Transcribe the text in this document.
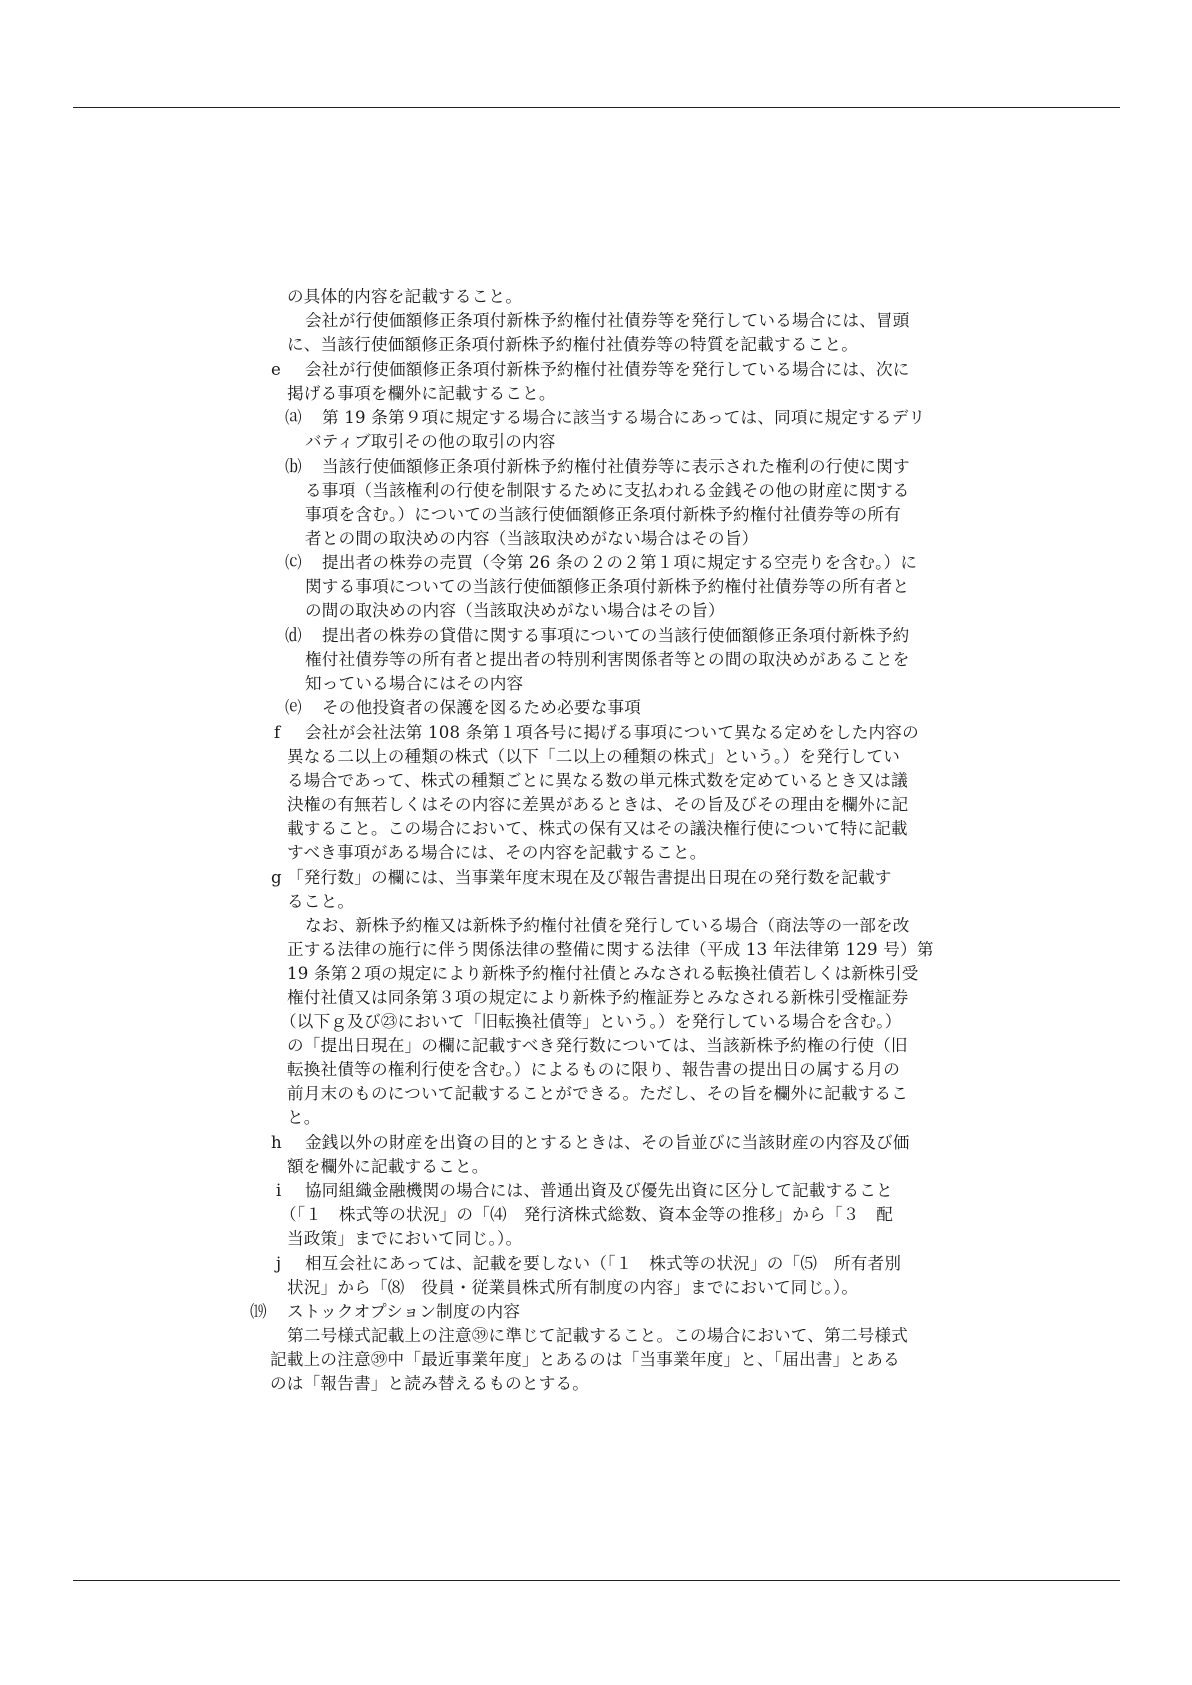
の具体的内容を記載すること。
会社が行使価額修正条項付新株予約権付社債券等を発行している場合には、冒頭
に、当該行使価額修正条項付新株予約権付社債券等の特質を記載すること。
e 会社が行使価額修正条項付新株予約権付社債券等を発行している場合には、次に
掲げる事項を欄外に記載すること。
⒜ 第 19 条第９項に規定する場合に該当する場合にあっては、同項に規定するデリ
バティブ取引その他の取引の内容
⒝ 当該行使価額修正条項付新株予約権付社債券等に表示された権利の行使に関す
る事項（当該権利の行使を制限するために支払われる金銭その他の財産に関する
事項を含む。）についての当該行使価額修正条項付新株予約権付社債券等の所有
者との間の取決めの内容（当該取決めがない場合はその旨）
⒞ 提出者の株券の売買（令第 26 条の２の２第１項に規定する空売りを含む。）に
関する事項についての当該行使価額修正条項付新株予約権付社債券等の所有者と
の間の取決めの内容（当該取決めがない場合はその旨）
⒟ 提出者の株券の貸借に関する事項についての当該行使価額修正条項付新株予約
権付社債券等の所有者と提出者の特別利害関係者等との間の取決めがあることを
知っている場合にはその内容
⒠ その他投資者の保護を図るため必要な事項
f 会社が会社法第 108 条第１項各号に掲げる事項について異なる定めをした内容の
異なる二以上の種類の株式（以下「二以上の種類の株式」という。）を発行してい
る場合であって、株式の種類ごとに異なる数の単元株式数を定めているとき又は議
決権の有無若しくはその内容に差異があるときは、その旨及びその理由を欄外に記
載すること。この場合において、株式の保有又はその議決権行使について特に記載
すべき事項がある場合には、その内容を記載すること。
g 「発行数」の欄には、当事業年度末現在及び報告書提出日現在の発行数を記載す
ること。
なお、新株予約権又は新株予約権付社債を発行している場合（商法等の一部を改
正する法律の施行に伴う関係法律の整備に関する法律（平成 13 年法律第 129 号）第
19 条第２項の規定により新株予約権付社債とみなされる転換社債若しくは新株引受
権付社債又は同条第３項の規定により新株予約権証券とみなされる新株引受権証券
（以下ｇ及び㉓において「旧転換社債等」という。）を発行している場合を含む。）
の「提出日現在」の欄に記載すべき発行数については、当該新株予約権の行使（旧
転換社債等の権利行使を含む。）によるものに限り、報告書の提出日の属する月の
前月末のものについて記載することができる。ただし、その旨を欄外に記載するこ
と。
h 金銭以外の財産を出資の目的とするときは、その旨並びに当該財産の内容及び価
額を欄外に記載すること。
i 協同組織金融機関の場合には、普通出資及び優先出資に区分して記載すること
（「１　株式等の状況」の「⑷　発行済株式総数、資本金等の推移」から「３　配
当政策」までにおいて同じ。）。
j 相互会社にあっては、記載を要しない（「１　株式等の状況」の「⑸　所有者別
状況」から「⑻　役員・従業員株式所有制度の内容」までにおいて同じ。）。
⒆ ストックオプション制度の内容
第二号様式記載上の注意㊴に準じて記載すること。この場合において、第二号様式
記載上の注意㊴中「最近事業年度」とあるのは「当事業年度」と、「届出書」とある
のは「報告書」と読み替えるものとする。
